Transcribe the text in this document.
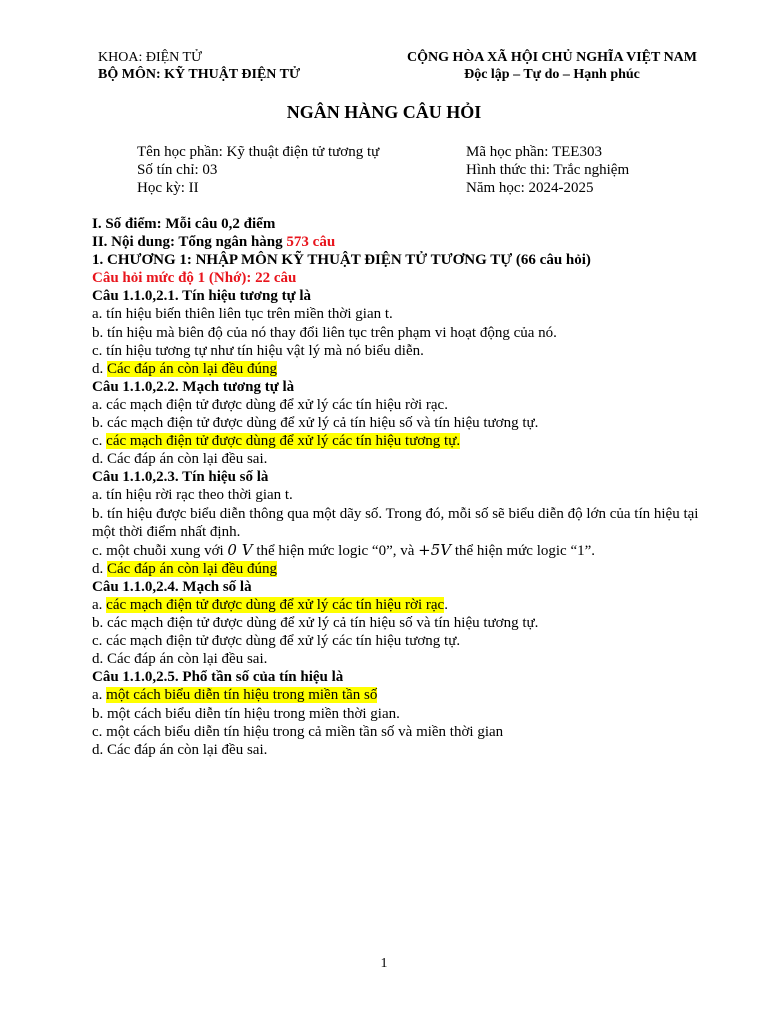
KHOA: ĐIỆN TỬ
BỘ MÔN: KỸ THUẬT ĐIỆN TỬ
CỘNG HÒA XÃ HỘI CHỦ NGHĨA VIỆT NAM
Độc lập – Tự do – Hạnh phúc
NGÂN HÀNG CÂU HỎI
Tên học phần: Kỹ thuật điện tử tương tự
Số tín chỉ: 03
Học kỳ: II
Mã học phần: TEE303
Hình thức thi: Trắc nghiệm
Năm học: 2024-2025
I. Số điểm: Mỗi câu 0,2 điểm
II. Nội dung: Tổng ngân hàng 573 câu
1. CHƯƠNG 1: NHẬP MÔN KỸ THUẬT ĐIỆN TỬ TƯƠNG TỰ (66 câu hỏi)
Câu hỏi mức độ 1 (Nhớ): 22 câu
Câu 1.1.0,2.1. Tín hiệu tương tự là
a. tín hiệu biến thiên liên tục trên miền thời gian t.
b. tín hiệu mà biên độ của nó thay đổi liên tục trên phạm vi hoạt động của nó.
c. tín hiệu tương tự như tín hiệu vật lý mà nó biểu diễn.
d. Các đáp án còn lại đều đúng
Câu 1.1.0,2.2. Mạch tương tự là
a. các mạch điện tử được dùng để xử lý các tín hiệu rời rạc.
b. các mạch điện tử được dùng để xử lý cả tín hiệu số và tín hiệu tương tự.
c. các mạch điện tử được dùng để xử lý các tín hiệu tương tự.
d. Các đáp án còn lại đều sai.
Câu 1.1.0,2.3. Tín hiệu số là
a. tín hiệu rời rạc theo thời gian t.
b. tín hiệu được biểu diễn thông qua một dãy số. Trong đó, mỗi số sẽ biểu diễn độ lớn của tín hiệu tại một thời điểm nhất định.
c. một chuỗi xung với 0 V thể hiện mức logic “0”, và +5V thể hiện mức logic “1”.
d. Các đáp án còn lại đều đúng
Câu 1.1.0,2.4. Mạch số là
a. các mạch điện tử được dùng để xử lý các tín hiệu rời rạc.
b. các mạch điện tử được dùng để xử lý cả tín hiệu số và tín hiệu tương tự.
c. các mạch điện tử được dùng để xử lý các tín hiệu tương tự.
d. Các đáp án còn lại đều sai.
Câu 1.1.0,2.5. Phổ tần số của tín hiệu là
a. một cách biểu diễn tín hiệu trong miền tần số
b. một cách biểu diễn tín hiệu trong miền thời gian.
c. một cách biểu diễn tín hiệu trong cả miền tần số và miền thời gian
d. Các đáp án còn lại đều sai.
1
